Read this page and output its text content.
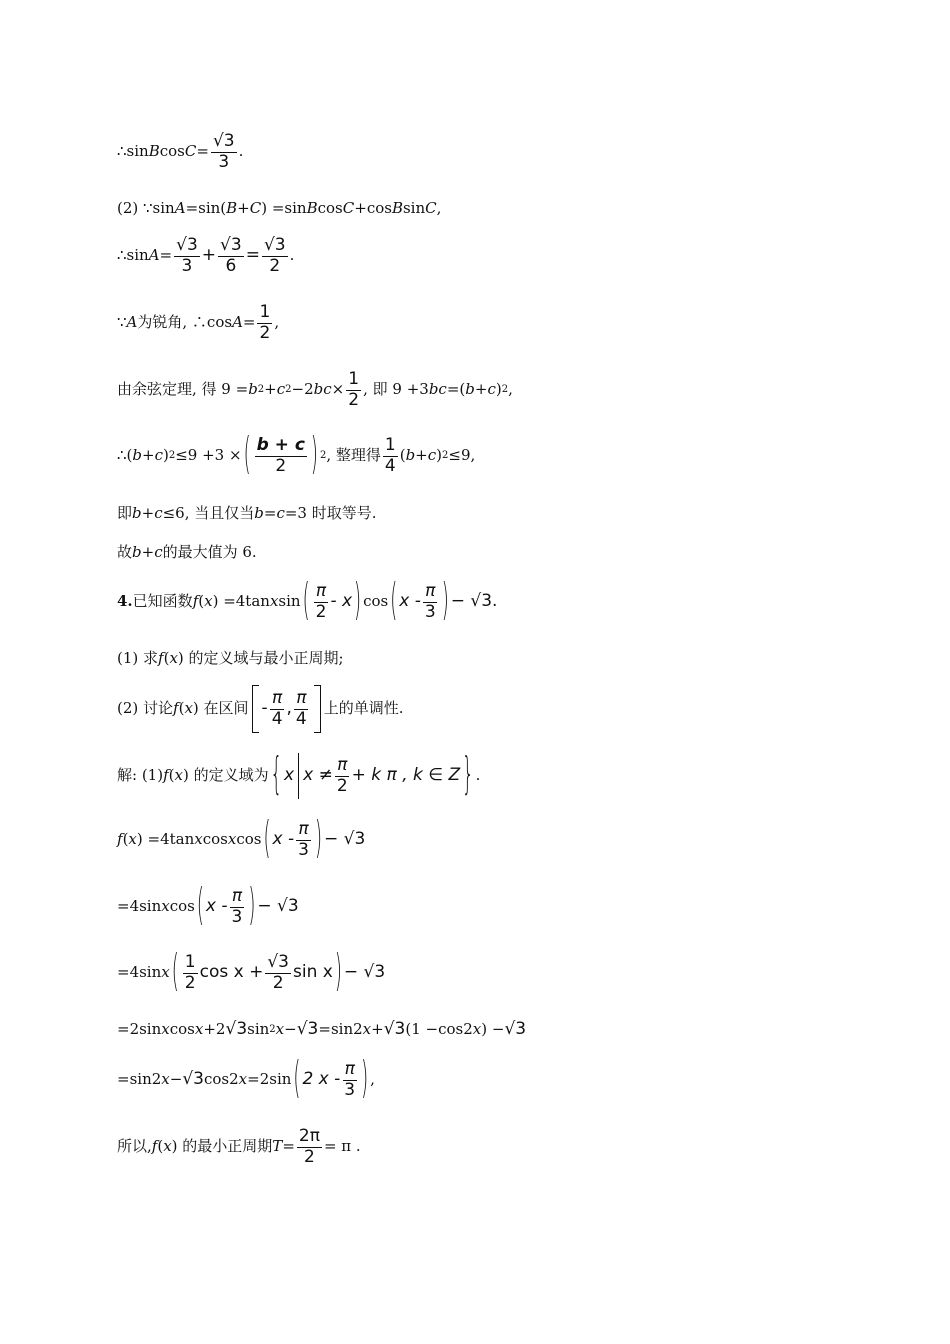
∴sin B $\cos C = \frac{√3}{3}$ .
(2) ∵sin A =sin( B + C ) =sin B cos C +cos B sin C ,
∴sin $A = \frac{√3}{3} + \frac{√3}{6} = \frac{√3}{2}$ .
∵ A 为锐角, ∴cos $A = \frac{1}{2}$ ,
由余弦定理, 得 9 = b 2 + c 2 −2 bc × $\frac{1}{2}$ , 即 9 +3 bc =( b + c ) 2 ,
∴( b + c ) 2 ≤9 +3 × ( $\frac{b + c}{2}$ ) 2 , 整理得 $\frac{1}{4}$ ( b + c ) 2 ≤9,
即 b + c ≤6, 当且仅当 b = c =3 时取等号.
故 b + c 的最大值为 6.
4. 已知函数 f ( x ) =4tan x sin ( $\frac{\pi}{2}$ - x ) cos ( x - $\frac{\pi}{3}$ ) − √3.
(1) 求 f ( x ) 的定义域与最小正周期;
(2) 讨论 f ( x ) 在区间 - $\frac{\pi}{4}$ , $\frac{\pi}{4}$ 上的单调性.
解: (1) f ( x ) 的定义域为 { x $x \ne \frac{\pi}{2} + k$ π , k ∈ Z } .
f ( x ) =4tan x cos x cos ( x - $\frac{\pi}{3}$ ) − √3
=4sin x cos ( x - $\frac{\pi}{3}$ ) − √3
=4sin x ( $\frac{1}{2}$ $\cos x + \frac{√3}{2}$ sin x ) − √3
=2sin x cos x +2 √3 sin 2 x − √3 =sin2 x + √3 (1 −cos2 x ) − √3
=sin2 x − √3 cos2 x =2sin ( 2 x - $\frac{\pi}{3}$ ) ,
所以, f ( x ) 的最小正周期 $T = \frac{2\pi}{2} = \pi$ .
